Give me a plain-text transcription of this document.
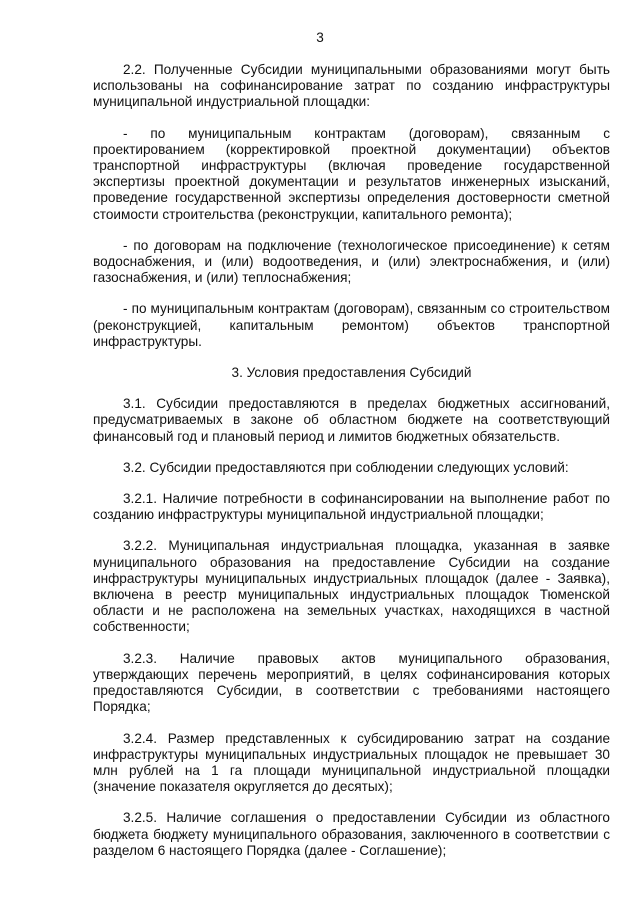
3

2.2. Полученные Субсидии муниципальными образованиями могут быть использованы на софинансирование затрат по созданию инфраструктуры муниципальной индустриальной площадки:

- по муниципальным контрактам (договорам), связанным с проектированием (корректировкой проектной документации) объектов транспортной инфраструктуры (включая проведение государственной экспертизы проектной документации и результатов инженерных изысканий, проведение государственной экспертизы определения достоверности сметной стоимости строительства (реконструкции, капитального ремонта);

- по договорам на подключение (технологическое присоединение) к сетям водоснабжения, и (или) водоотведения, и (или) электроснабжения, и (или) газоснабжения, и (или) теплоснабжения;

- по муниципальным контрактам (договорам), связанным со строительством (реконструкцией, капитальным ремонтом) объектов транспортной инфраструктуры.

3. Условия предоставления Субсидий

3.1. Субсидии предоставляются в пределах бюджетных ассигнований, предусматриваемых в законе об областном бюджете на соответствующий финансовый год и плановый период и лимитов бюджетных обязательств.

3.2. Субсидии предоставляются при соблюдении следующих условий:

3.2.1. Наличие потребности в софинансировании на выполнение работ по созданию инфраструктуры муниципальной индустриальной площадки;

3.2.2. Муниципальная индустриальная площадка, указанная в заявке муниципального образования на предоставление Субсидии на создание инфраструктуры муниципальных индустриальных площадок (далее - Заявка), включена в реестр муниципальных индустриальных площадок Тюменской области и не расположена на земельных участках, находящихся в частной собственности;

3.2.3. Наличие правовых актов муниципального образования, утверждающих перечень мероприятий, в целях софинансирования которых предоставляются Субсидии, в соответствии с требованиями настоящего Порядка;

3.2.4. Размер представленных к субсидированию затрат на создание инфраструктуры муниципальных индустриальных площадок не превышает 30 млн рублей на 1 га площади муниципальной индустриальной площадки (значение показателя округляется до десятых);

3.2.5. Наличие соглашения о предоставлении Субсидии из областного бюджета бюджету муниципального образования, заключенного в соответствии с разделом 6 настоящего Порядка (далее - Соглашение);
